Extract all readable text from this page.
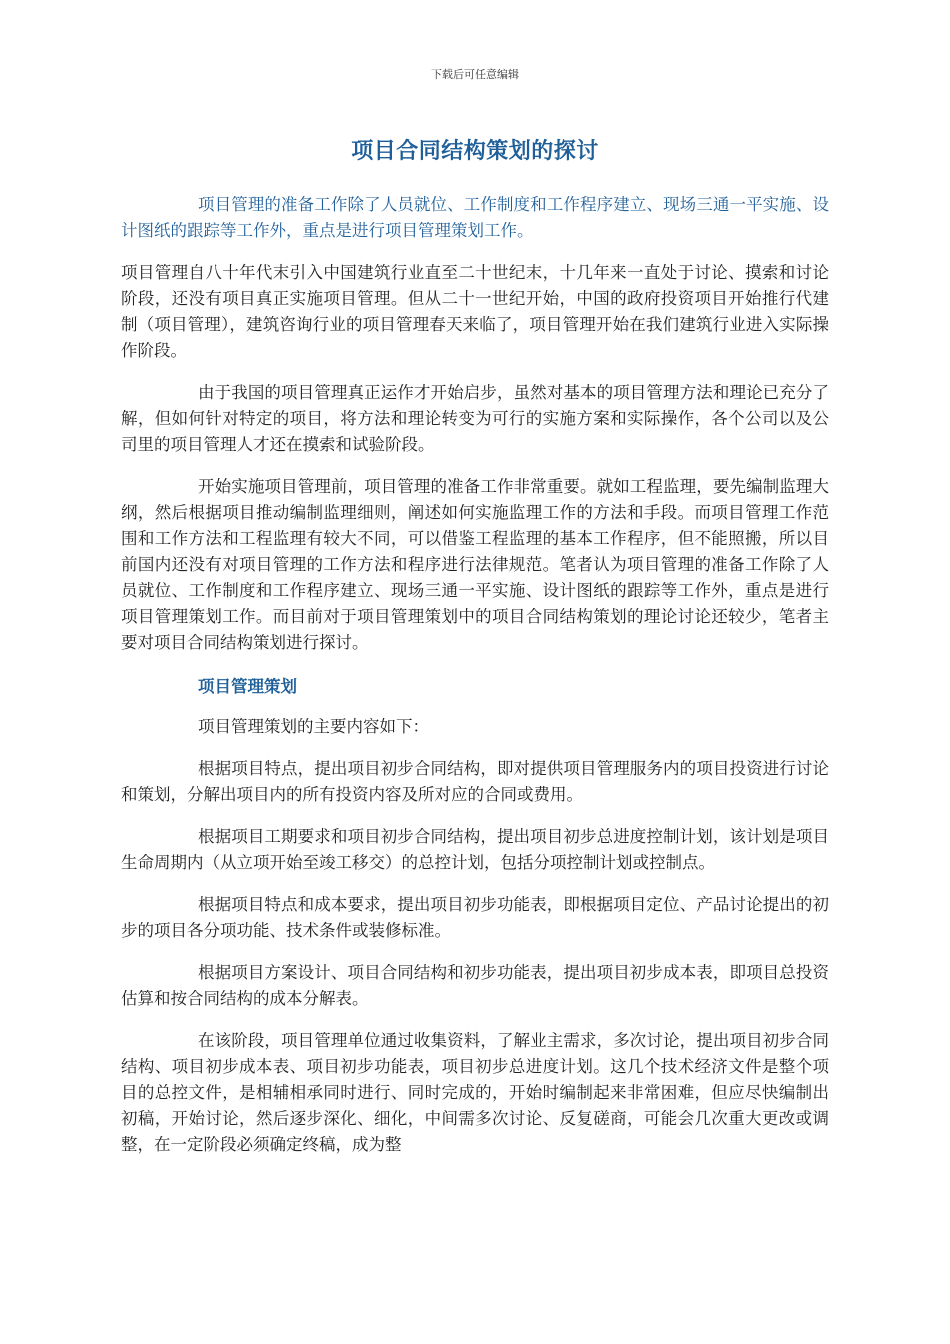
下载后可任意编辑
项目合同结构策划的探讨

项目管理的准备工作除了人员就位、工作制度和工作程序建立、现场三通一平实施、设计图纸的跟踪等工作外，重点是进行项目管理策划工作。

项目管理自八十年代末引入中国建筑行业直至二十世纪末，十几年来一直处于讨论、摸索和讨论阶段，还没有项目真正实施项目管理。但从二十一世纪开始，中国的政府投资项目开始推行代建制（项目管理），建筑咨询行业的项目管理春天来临了，项目管理开始在我们建筑行业进入实际操作阶段。

由于我国的项目管理真正运作才开始启步，虽然对基本的项目管理方法和理论已充分了解，但如何针对特定的项目，将方法和理论转变为可行的实施方案和实际操作，各个公司以及公司里的项目管理人才还在摸索和试验阶段。

开始实施项目管理前，项目管理的准备工作非常重要。就如工程监理，要先编制监理大纲，然后根据项目推动编制监理细则，阐述如何实施监理工作的方法和手段。而项目管理工作范围和工作方法和工程监理有较大不同，可以借鉴工程监理的基本工作程序，但不能照搬，所以目前国内还没有对项目管理的工作方法和程序进行法律规范。笔者认为项目管理的准备工作除了人员就位、工作制度和工作程序建立、现场三通一平实施、设计图纸的跟踪等工作外，重点是进行项目管理策划工作。而目前对于项目管理策划中的项目合同结构策划的理论讨论还较少，笔者主要对项目合同结构策划进行探讨。

项目管理策划

项目管理策划的主要内容如下：

根据项目特点，提出项目初步合同结构，即对提供项目管理服务内的项目投资进行讨论和策划，分解出项目内的所有投资内容及所对应的合同或费用。

根据项目工期要求和项目初步合同结构，提出项目初步总进度控制计划，该计划是项目生命周期内（从立项开始至竣工移交）的总控计划，包括分项控制计划或控制点。

根据项目特点和成本要求，提出项目初步功能表，即根据项目定位、产品讨论提出的初步的项目各分项功能、技术条件或装修标准。

根据项目方案设计、项目合同结构和初步功能表，提出项目初步成本表，即项目总投资估算和按合同结构的成本分解表。

在该阶段，项目管理单位通过收集资料，了解业主需求，多次讨论，提出项目初步合同结构、项目初步成本表、项目初步功能表，项目初步总进度计划。这几个技术经济文件是整个项目的总控文件，是相辅相承同时进行、同时完成的，开始时编制起来非常困难，但应尽快编制出初稿，开始讨论，然后逐步深化、细化，中间需多次讨论、反复磋商，可能会几次重大更改或调整，在一定阶段必须确定终稿，成为整
